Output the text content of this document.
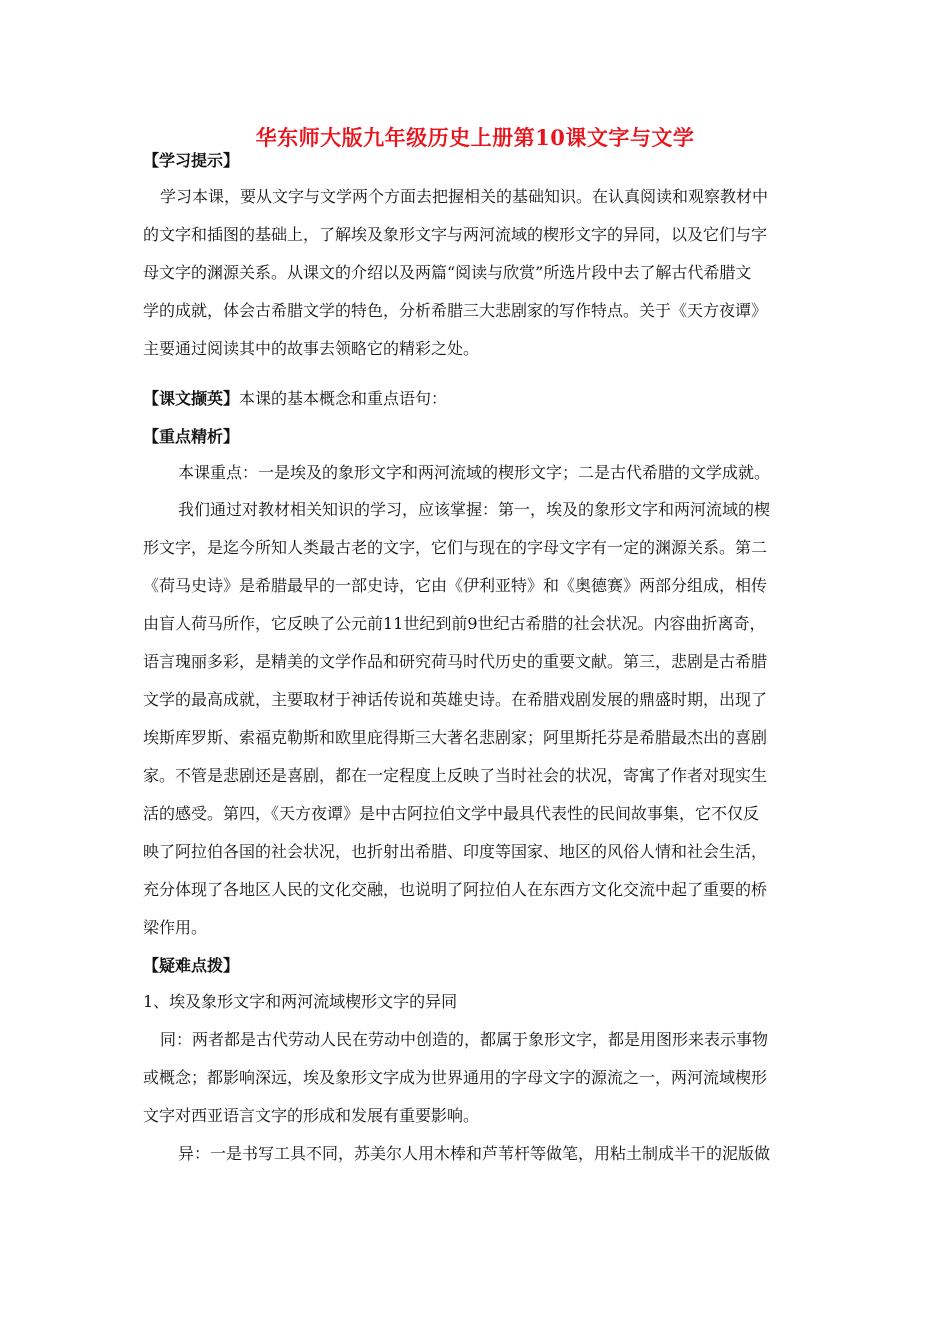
华东师大版九年级历史上册第10课文字与文学
【学习提示】
学习本课，要从文字与文学两个方面去把握相关的基础知识。在认真阅读和观察教材中
的文字和插图的基础上，了解埃及象形文字与两河流域的楔形文字的异同，以及它们与字
母文字的渊源关系。从课文的介绍以及两篇“阅读与欣赏”所选片段中去了解古代希腊文
学的成就，体会古希腊文学的特色，分析希腊三大悲剧家的写作特点。关于《天方夜谭》
主要通过阅读其中的故事去领略它的精彩之处。
【课文撷英】本课的基本概念和重点语句：
【重点精析】
本课重点：一是埃及的象形文字和两河流域的楔形文字；二是古代希腊的文学成就。
我们通过对教材相关知识的学习，应该掌握：第一，埃及的象形文字和两河流域的楔
形文字，是迄今所知人类最古老的文字，它们与现在的字母文字有一定的渊源关系。第二
《荷马史诗》是希腊最早的一部史诗，它由《伊利亚特》和《奥德赛》两部分组成，相传
由盲人荷马所作，它反映了公元前11世纪到前9世纪古希腊的社会状况。内容曲折离奇，
语言瑰丽多彩，是精美的文学作品和研究荷马时代历史的重要文献。第三，悲剧是古希腊
文学的最高成就，主要取材于神话传说和英雄史诗。在希腊戏剧发展的鼎盛时期，出现了
埃斯库罗斯、索福克勒斯和欧里庇得斯三大著名悲剧家；阿里斯托芬是希腊最杰出的喜剧
家。不管是悲剧还是喜剧，都在一定程度上反映了当时社会的状况，寄寓了作者对现实生
活的感受。第四，《天方夜谭》是中古阿拉伯文学中最具代表性的民间故事集，它不仅反
映了阿拉伯各国的社会状况，也折射出希腊、印度等国家、地区的风俗人情和社会生活，
充分体现了各地区人民的文化交融，也说明了阿拉伯人在东西方文化交流中起了重要的桥
梁作用。
【疑难点拨】
1、埃及象形文字和两河流域楔形文字的异同
同：两者都是古代劳动人民在劳动中创造的，都属于象形文字，都是用图形来表示事物
或概念；都影响深远，埃及象形文字成为世界通用的字母文字的源流之一，两河流域楔形
文字对西亚语言文字的形成和发展有重要影响。
异：一是书写工具不同，苏美尔人用木棒和芦苇杆等做笔，用粘土制成半干的泥版做
